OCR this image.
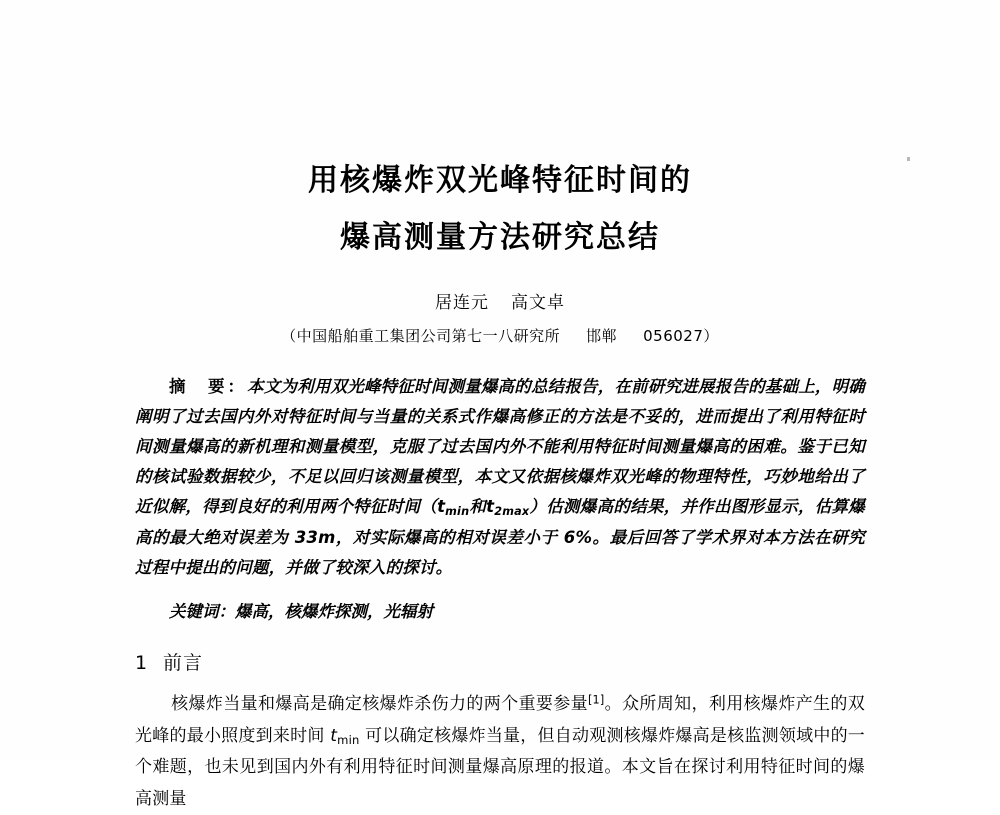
用核爆炸双光峰特征时间的
爆高测量方法研究总结
居连元 高文卓
（中国船舶重工集团公司第七一八研究所 邯郸 056027）
摘　要：本文为利用双光峰特征时间测量爆高的总结报告，在前研究进展报告的基础上，明确阐明了过去国内外对特征时间与当量的关系式作爆高修正的方法是不妥的，进而提出了利用特征时间测量爆高的新机理和测量模型，克服了过去国内外不能利用特征时间测量爆高的困难。鉴于已知的核试验数据较少，不足以回归该测量模型，本文又依据核爆炸双光峰的物理特性，巧妙地给出了近似解，得到良好的利用两个特征时间（$t_{min}$和$t_{2max}$）估测爆高的结果，并作出图形显示，估算爆高的最大绝对误差为 33m，对实际爆高的相对误差小于 6%。最后回答了学术界对本方法在研究过程中提出的问题，并做了较深入的探讨。
关键词：爆高，核爆炸探测，光辐射
1 前言
核爆炸当量和爆高是确定核爆炸杀伤力的两个重要参量[1]。众所周知，利用核爆炸产生的双光峰的最小照度到来时间 $t_{min}$ 可以确定核爆炸当量，但自动观测核爆炸爆高是核监测领域中的一个难题，也未见到国内外有利用特征时间测量爆高原理的报道。本文旨在探讨利用特征时间的爆高测量
